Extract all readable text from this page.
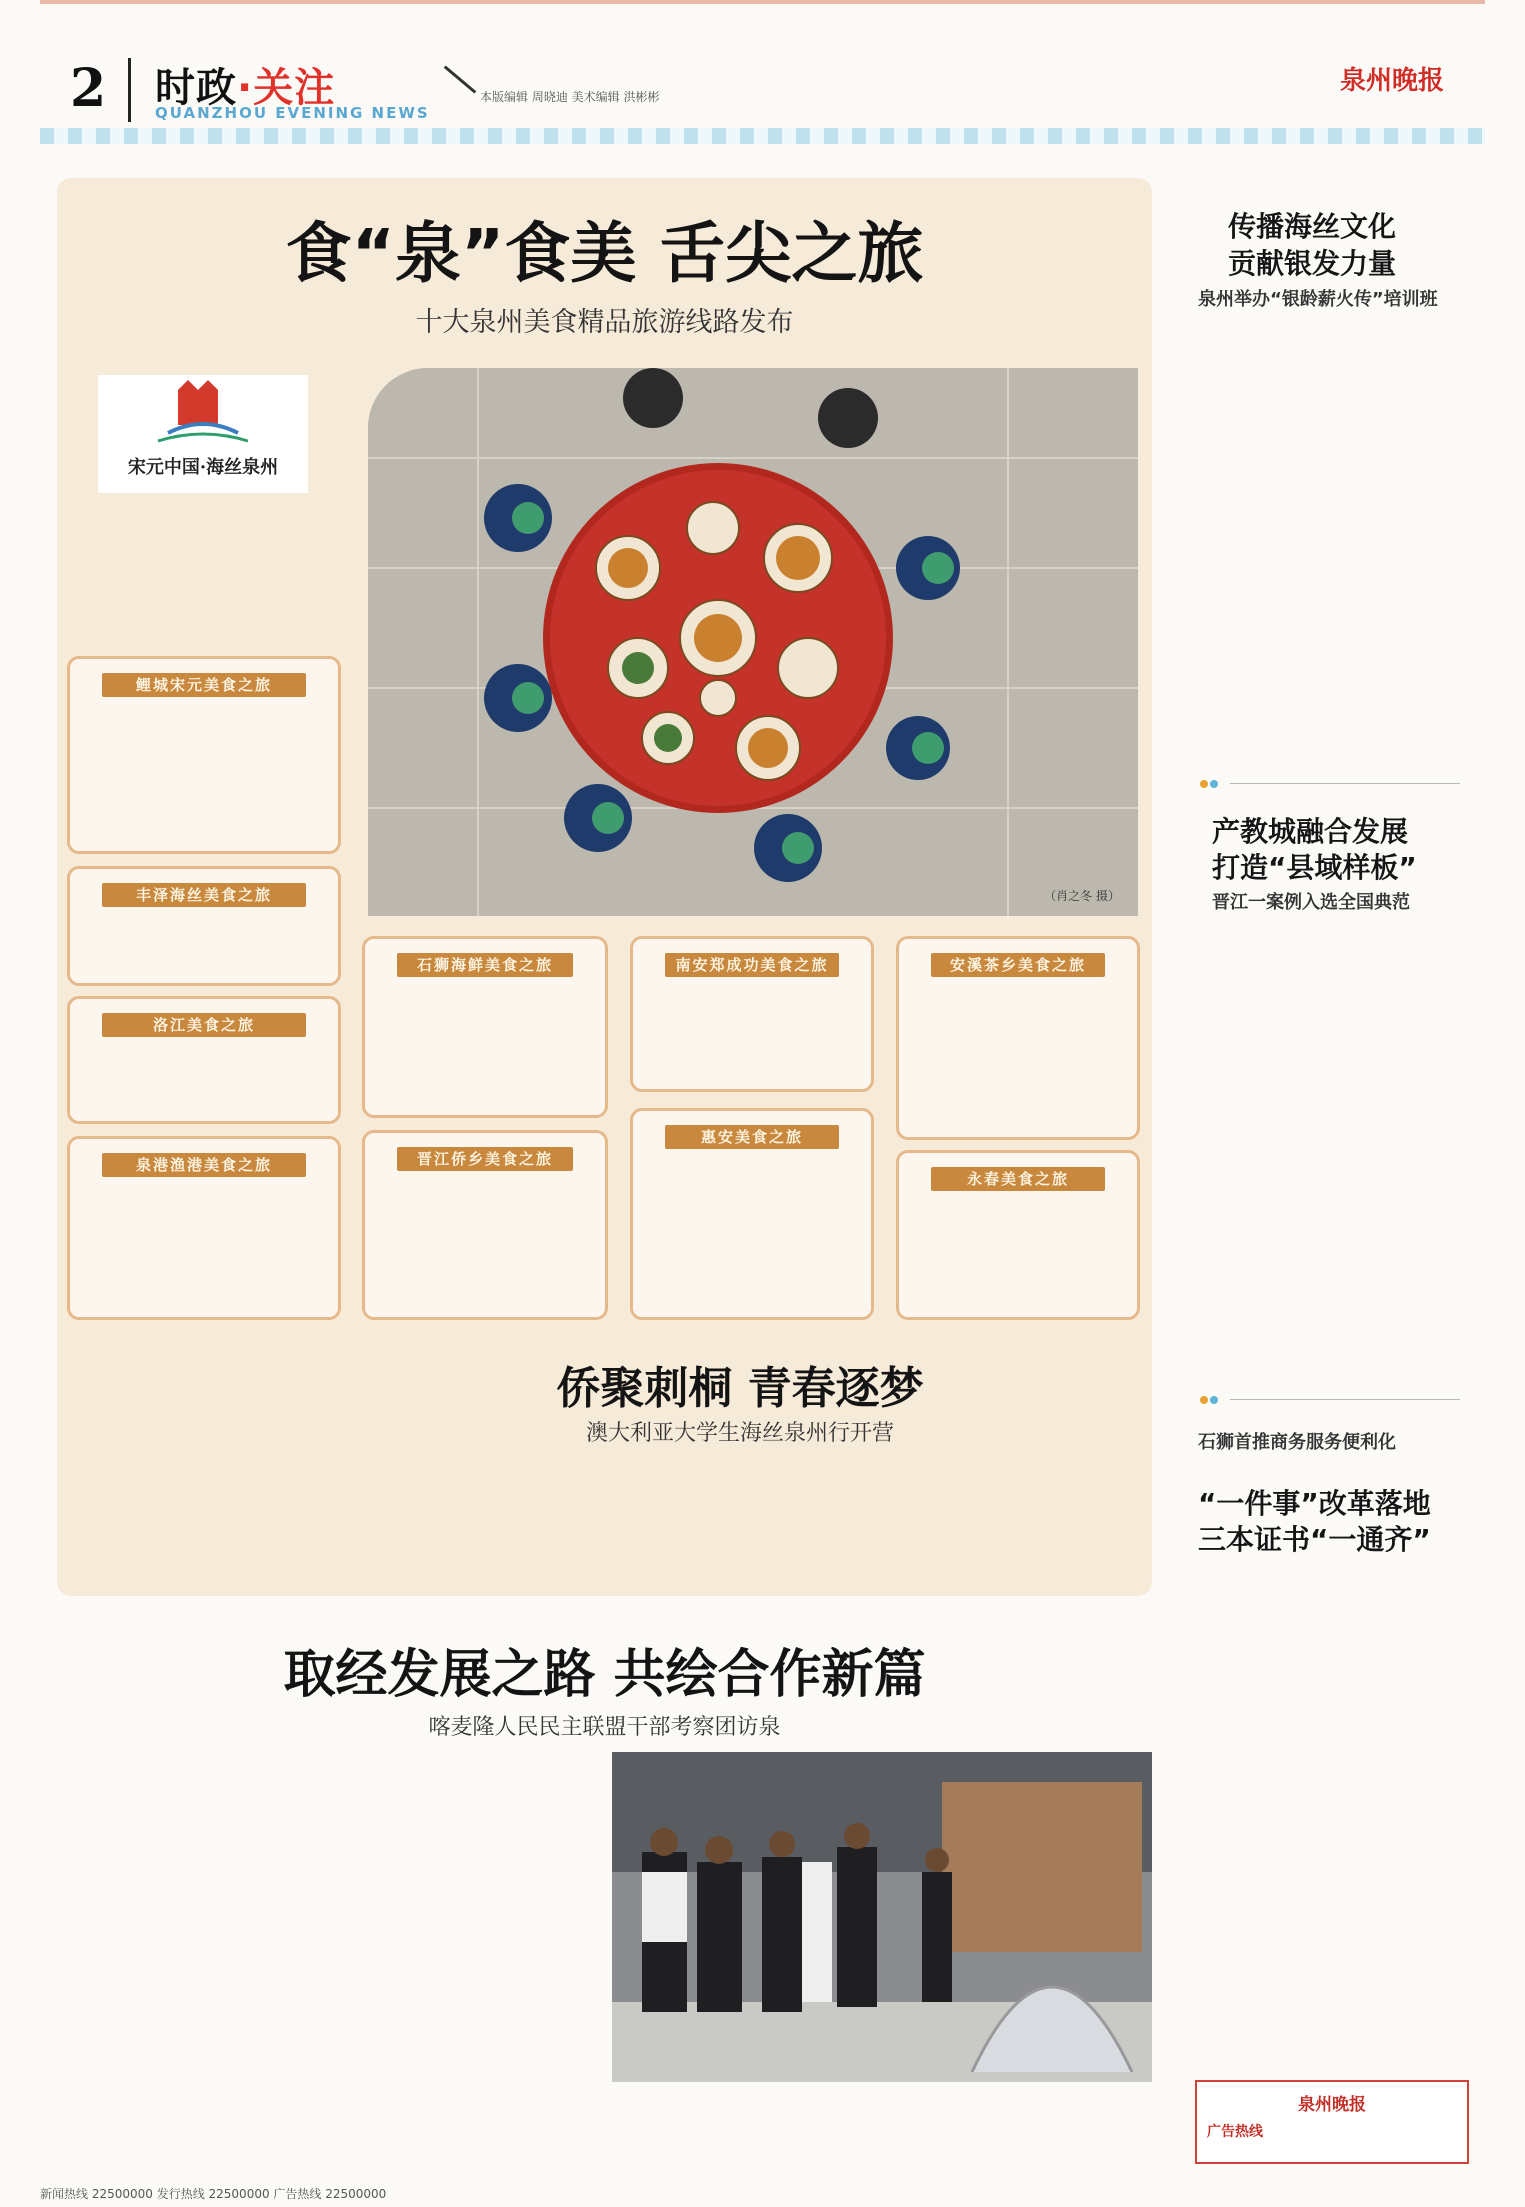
2 时政·关注
QUANZHOU EVENING NEWS
本版编辑 周晓迪 美术编辑 洪彬彬
泉州晚报
食“泉”食美 舌尖之旅
十大泉州美食精品旅游线路发布
宋元中国·海丝泉州
（肖之冬 摄）
鲤城宋元美食之旅
丰泽海丝美食之旅
洛江美食之旅
泉港渔港美食之旅
石狮海鲜美食之旅
晋江侨乡美食之旅
南安郑成功美食之旅
惠安美食之旅
安溪茶乡美食之旅
永春美食之旅
侨聚刺桐 青春逐梦
澳大利亚大学生海丝泉州行开营
取经发展之路 共绘合作新篇
喀麦隆人民民主联盟干部考察团访泉
传播海丝文化
贡献银发力量
泉州举办“银龄薪火传”培训班
产教城融合发展
打造“县域样板”
晋江一案例入选全国典范
石狮首推商务服务便利化
“一件事”改革落地
三本证书“一通齐”
泉州晚报
广告热线
新闻热线 22500000 发行热线 22500000 广告热线 22500000
